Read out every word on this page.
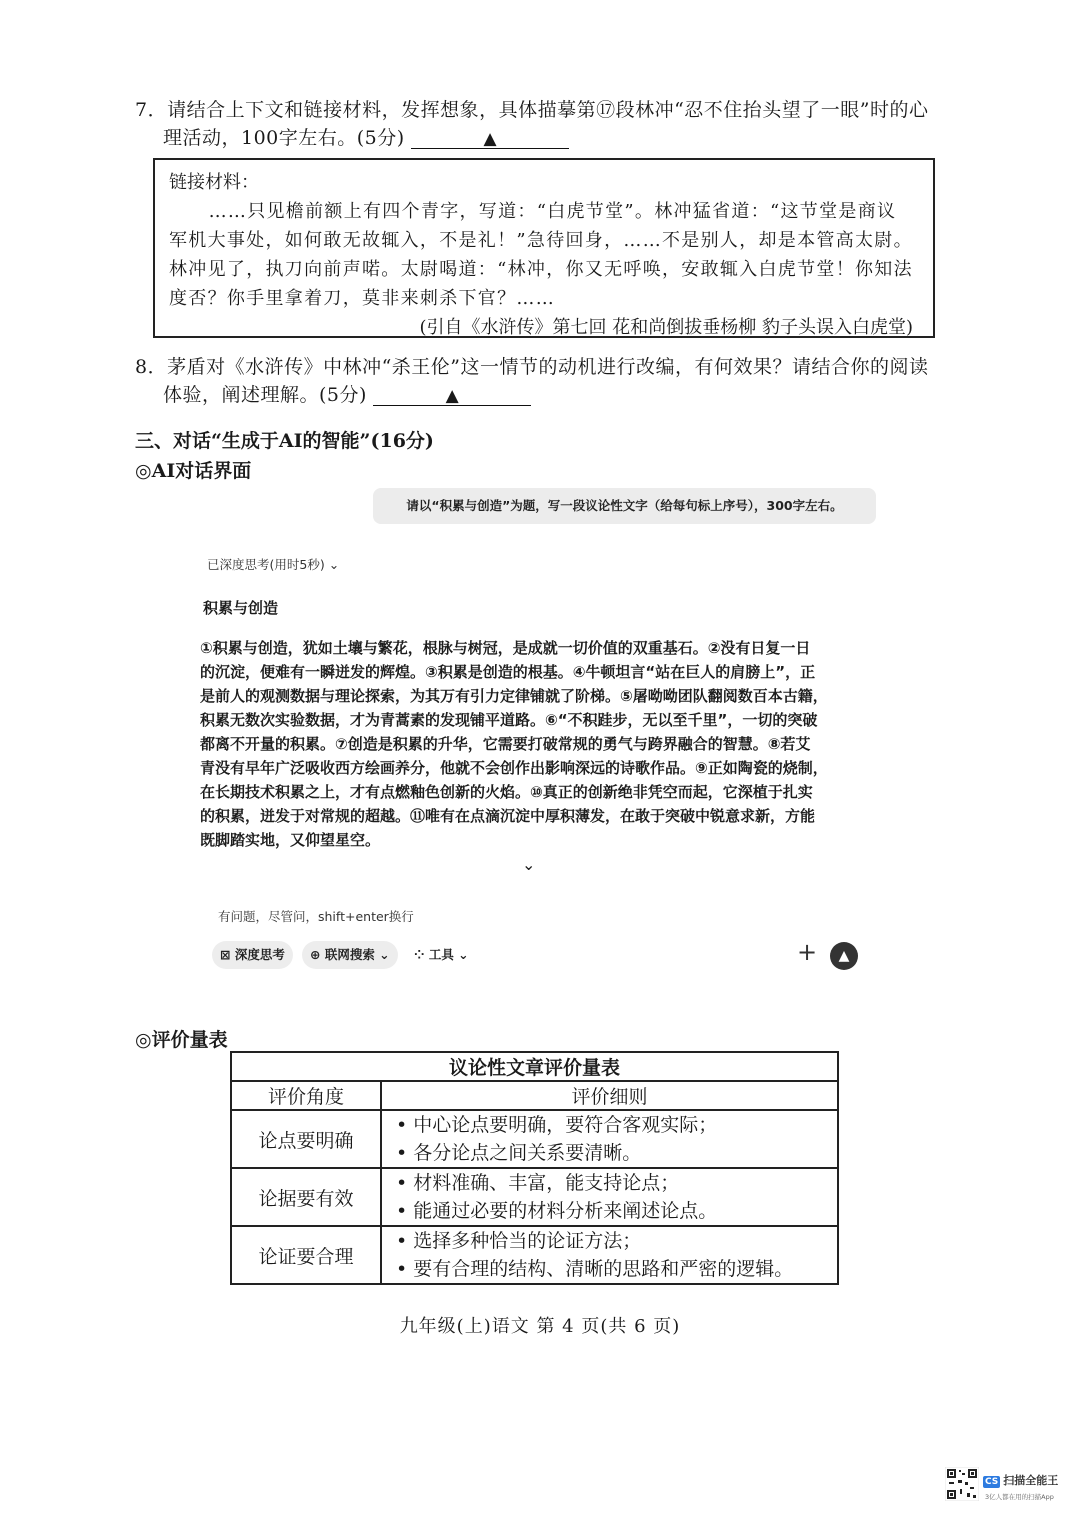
7．请结合上下文和链接材料，发挥想象，具体描摹第⑰段林冲“忍不住抬头望了一眼”时的心
理活动，100字左右。(5分)	▲
链接材料：
……只见檐前额上有四个青字，写道：“白虎节堂”。林冲猛省道：“这节堂是商议
军机大事处，如何敢无故辄入，不是礼！”急待回身，……不是别人，却是本管高太尉。
林冲见了，执刀向前声喏。太尉喝道：“林冲，你又无呼唤，安敢辄入白虎节堂！你知法
度否？你手里拿着刀，莫非来刺杀下官？……
(引自《水浒传》第七回 花和尚倒拔垂杨柳 豹子头误入白虎堂)
8．茅盾对《水浒传》中林冲“杀王伦”这一情节的动机进行改编，有何效果？请结合你的阅读
体验，阐述理解。(5分)	▲
三、对话“生成于AI的智能”(16分)
◎AI对话界面
请以“积累与创造”为题，写一段议论性文字（给每句标上序号），300字左右。
已深度思考(用时5秒) ⌄
积累与创造
①积累与创造，犹如土壤与繁花，根脉与树冠，是成就一切价值的双重基石。②没有日复一日
的沉淀，便难有一瞬迸发的辉煌。③积累是创造的根基。④牛顿坦言“站在巨人的肩膀上”，正
是前人的观测数据与理论探索，为其万有引力定律铺就了阶梯。⑤屠呦呦团队翻阅数百本古籍，
积累无数次实验数据，才为青蒿素的发现铺平道路。⑥“不积跬步，无以至千里”，一切的突破
都离不开量的积累。⑦创造是积累的升华，它需要打破常规的勇气与跨界融合的智慧。⑧若艾
青没有早年广泛吸收西方绘画养分，他就不会创作出影响深远的诗歌作品。⑨正如陶瓷的烧制，
在长期技术积累之上，才有点燃釉色创新的火焰。⑩真正的创新绝非凭空而起，它深植于扎实
的积累，迸发于对常规的超越。⑪唯有在点滴沉淀中厚积薄发，在敢于突破中锐意求新，方能
既脚踏实地，又仰望星空。
⌄
有问题，尽管问，shift+enter换行
⊠ 深度思考	⊕ 联网搜索 ⌄	⁘ 工具 ⌄	+	▲
◎评价量表
议论性文章评价量表	
评价角度	评价细则
论点要明确	• 中心论点要明确，要符合客观实际；
• 各分论点之间关系要清晰。

论据要有效	• 材料准确、丰富，能支持论点；
• 能通过必要的材料分析来阐述论点。

论证要合理	• 选择多种恰当的论证方法；
• 要有合理的结构、清晰的思路和严密的逻辑。
九年级(上)语文 第 4 页(共 6 页)
CS 扫描全能王
3亿人都在用的扫描App
